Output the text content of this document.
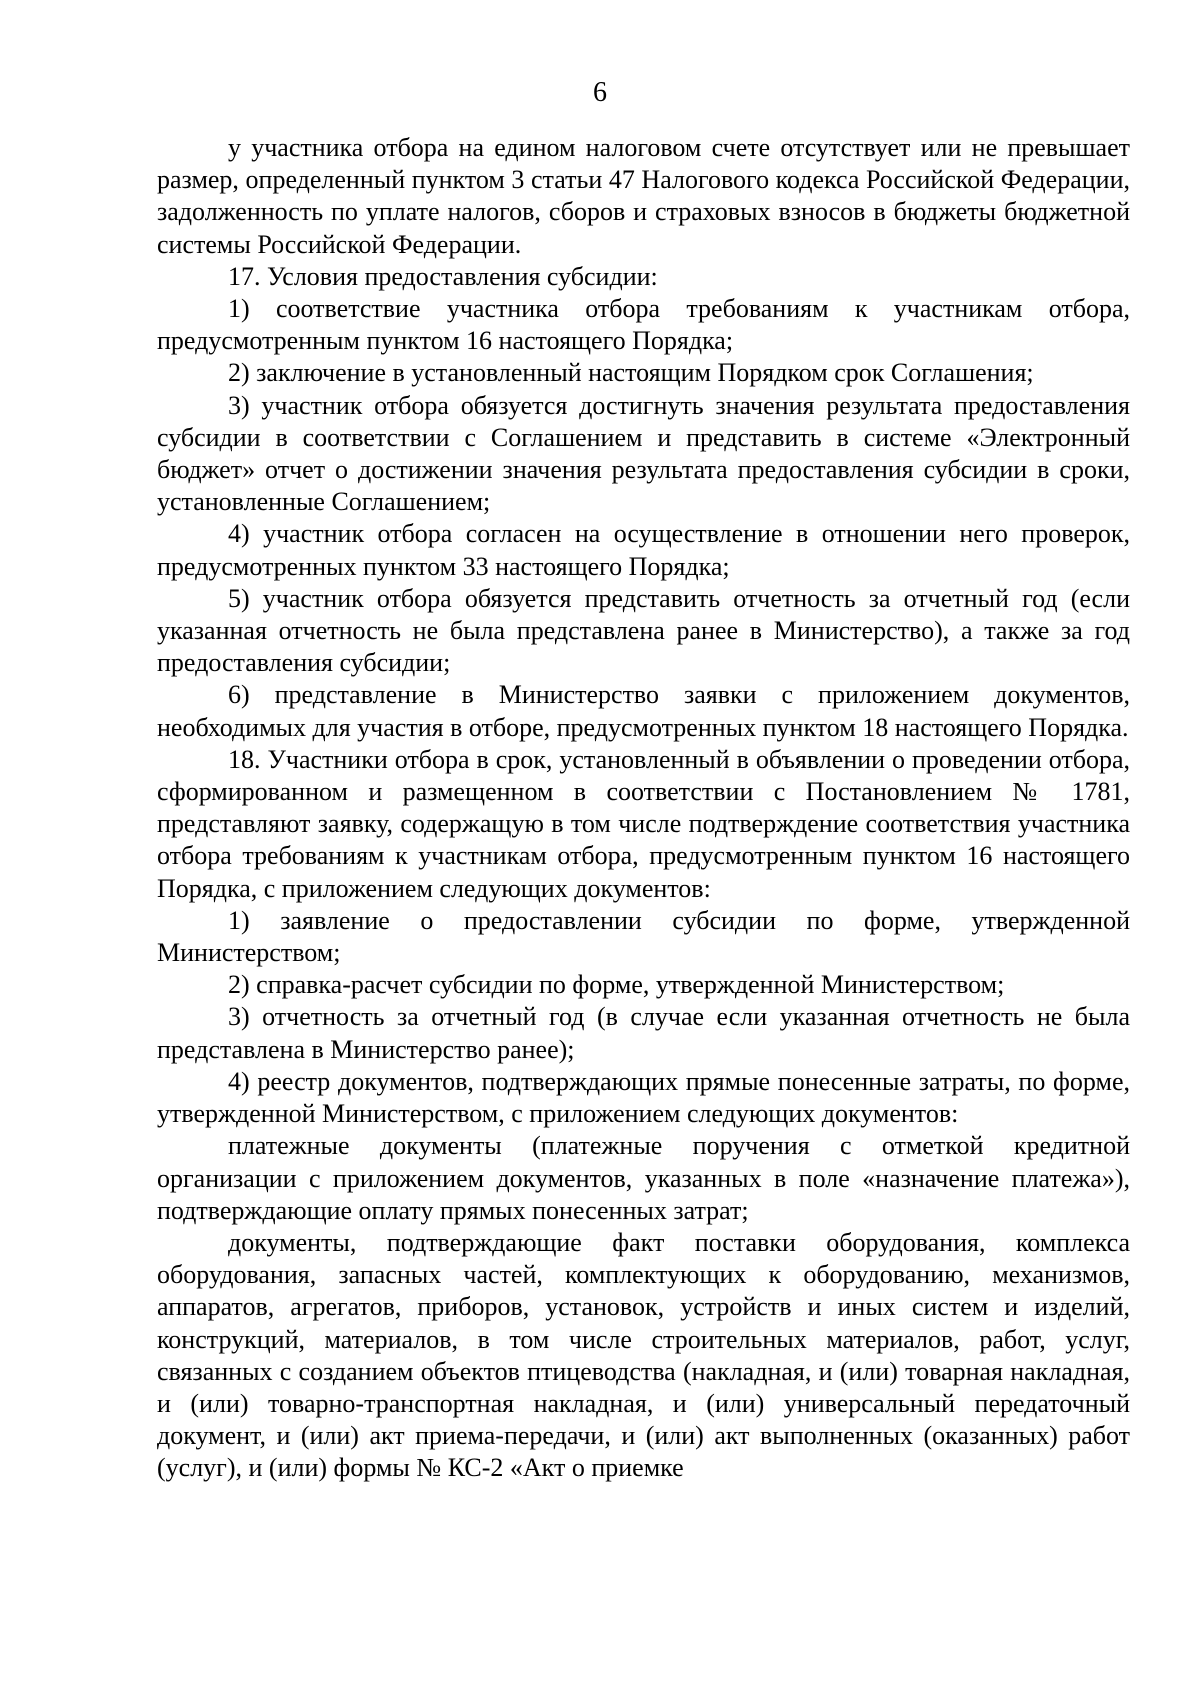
6

у участника отбора на едином налоговом счете отсутствует или не превышает размер, определенный пунктом 3 статьи 47 Налогового кодекса Российской Федерации, задолженность по уплате налогов, сборов и страховых взносов в бюджеты бюджетной системы Российской Федерации.

17. Условия предоставления субсидии:

1) соответствие участника отбора требованиям к участникам отбора, предусмотренным пунктом 16 настоящего Порядка;

2) заключение в установленный настоящим Порядком срок Соглашения;

3) участник отбора обязуется достигнуть значения результата предоставления субсидии в соответствии с Соглашением и представить в системе «Электронный бюджет» отчет о достижении значения результата предоставления субсидии в сроки, установленные Соглашением;

4) участник отбора согласен на осуществление в отношении него проверок, предусмотренных пунктом 33 настоящего Порядка;

5) участник отбора обязуется представить отчетность за отчетный год (если указанная отчетность не была представлена ранее в Министерство), а также за год предоставления субсидии;

6) представление в Министерство заявки с приложением документов, необходимых для участия в отборе, предусмотренных пунктом 18 настоящего Порядка.

18. Участники отбора в срок, установленный в объявлении о проведении отбора, сформированном и размещенном в соответствии с Постановлением № 1781, представляют заявку, содержащую в том числе подтверждение соответствия участника отбора требованиям к участникам отбора, предусмотренным пунктом 16 настоящего Порядка, с приложением следующих документов:

1) заявление о предоставлении субсидии по форме, утвержденной Министерством;

2) справка-расчет субсидии по форме, утвержденной Министерством;

3) отчетность за отчетный год (в случае если указанная отчетность не была представлена в Министерство ранее);

4) реестр документов, подтверждающих прямые понесенные затраты, по форме, утвержденной Министерством, с приложением следующих документов:

платежные документы (платежные поручения с отметкой кредитной организации с приложением документов, указанных в поле «назначение платежа»), подтверждающие оплату прямых понесенных затрат;

документы, подтверждающие факт поставки оборудования, комплекса оборудования, запасных частей, комплектующих к оборудованию, механизмов, аппаратов, агрегатов, приборов, установок, устройств и иных систем и изделий, конструкций, материалов, в том числе строительных материалов, работ, услуг, связанных с созданием объектов птицеводства (накладная, и (или) товарная накладная, и (или) товарно-транспортная накладная, и (или) универсальный передаточный документ, и (или) акт приема-передачи, и (или) акт выполненных (оказанных) работ (услуг), и (или) формы № КС-2 «Акт о приемке
